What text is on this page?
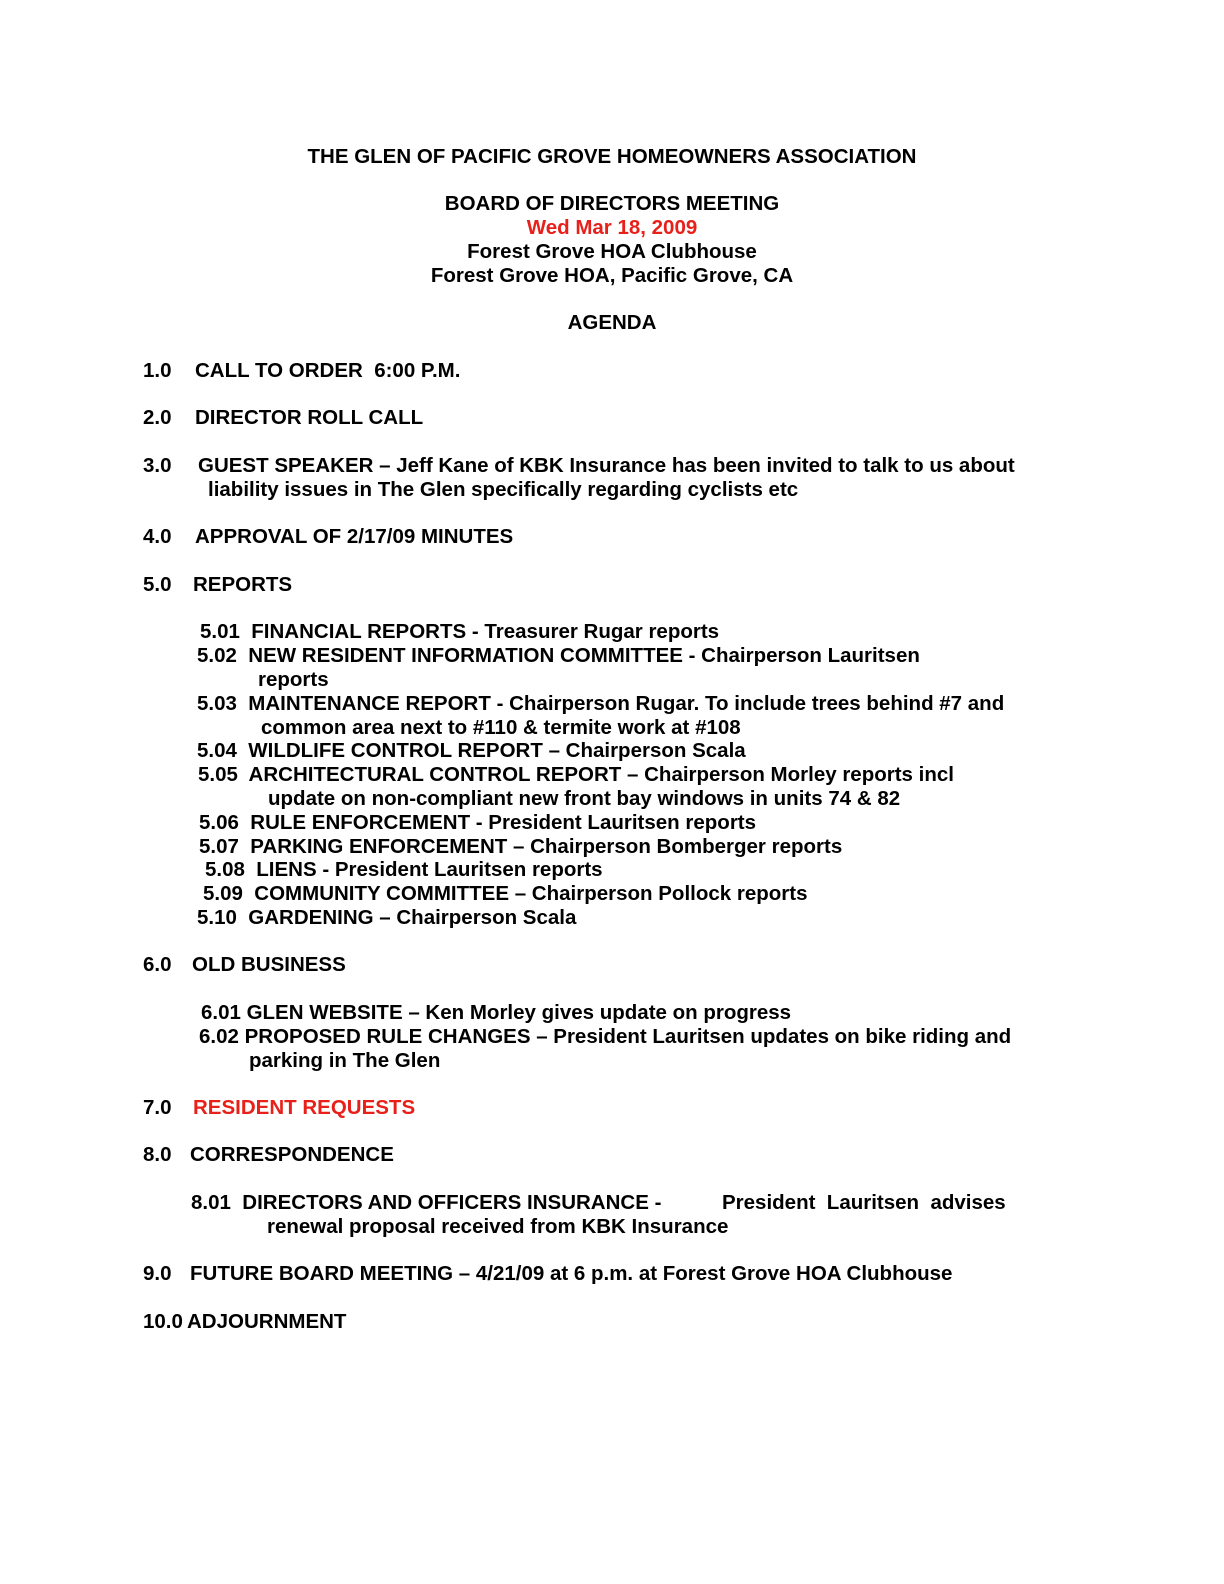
THE GLEN OF PACIFIC GROVE HOMEOWNERS ASSOCIATION
BOARD OF DIRECTORS MEETING
Wed Mar 18, 2009
Forest Grove HOA Clubhouse
Forest Grove HOA, Pacific Grove, CA
AGENDA
1.0 CALL TO ORDER  6:00 P.M.
2.0 DIRECTOR ROLL CALL
3.0 GUEST SPEAKER – Jeff Kane of KBK Insurance has been invited to talk to us about
liability issues in The Glen specifically regarding cyclists etc
4.0 APPROVAL OF 2/17/09 MINUTES
5.0 REPORTS
5.01  FINANCIAL REPORTS - Treasurer Rugar reports
5.02  NEW RESIDENT INFORMATION COMMITTEE - Chairperson Lauritsen
reports
5.03  MAINTENANCE REPORT - Chairperson Rugar. To include trees behind #7 and
common area next to #110 & termite work at #108
5.04  WILDLIFE CONTROL REPORT – Chairperson Scala
5.05  ARCHITECTURAL CONTROL REPORT – Chairperson Morley reports incl
update on non-compliant new front bay windows in units 74 & 82
5.06  RULE ENFORCEMENT - President Lauritsen reports
5.07  PARKING ENFORCEMENT – Chairperson Bomberger reports
5.08  LIENS - President Lauritsen reports
5.09  COMMUNITY COMMITTEE – Chairperson Pollock reports
5.10  GARDENING – Chairperson Scala
6.0 OLD BUSINESS
6.01 GLEN WEBSITE – Ken Morley gives update on progress
6.02 PROPOSED RULE CHANGES – President Lauritsen updates on bike riding and
parking in The Glen
7.0 RESIDENT REQUESTS
8.0 CORRESPONDENCE
8.01  DIRECTORS AND OFFICERS INSURANCE -	President  Lauritsen  advises
renewal proposal received from KBK Insurance
9.0 FUTURE BOARD MEETING – 4/21/09 at 6 p.m. at Forest Grove HOA Clubhouse
10.0 ADJOURNMENT
